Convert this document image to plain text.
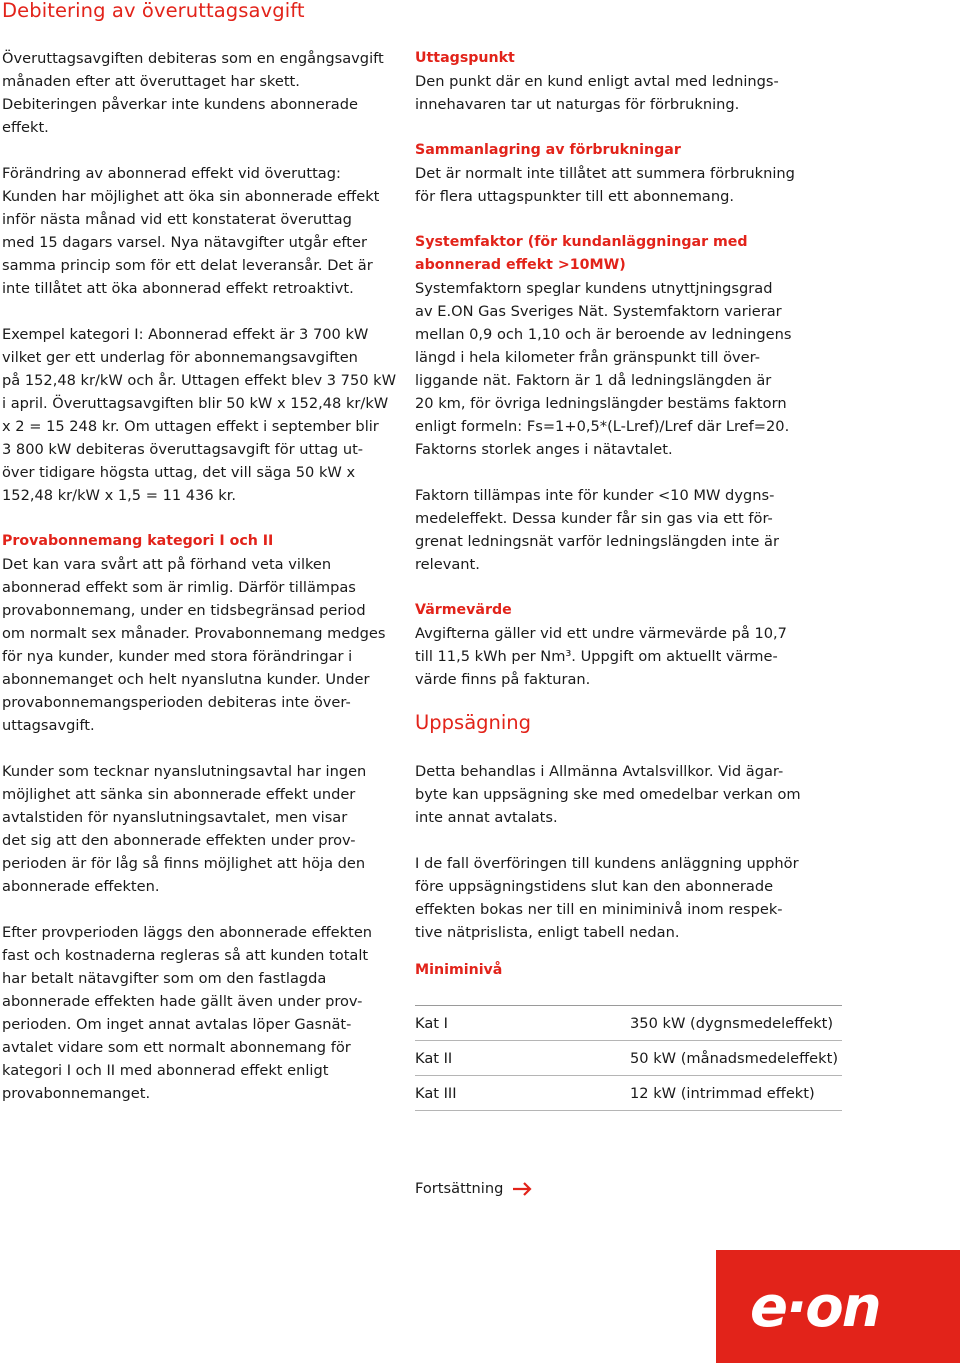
Debitering av överuttagsavgift
Överuttagsavgiften debiteras som en engångsavgift
månaden efter att överuttaget har skett.
Debiteringen påverkar inte kundens abonnerade
effekt.
Förändring av abonnerad effekt vid överuttag:
Kunden har möjlighet att öka sin abonnerade effekt
inför nästa månad vid ett konstaterat överuttag
med 15 dagars varsel. Nya nätavgifter utgår efter
samma princip som för ett delat leveransår. Det är
inte tillåtet att öka abonnerad effekt retroaktivt.
Exempel kategori I: Abonnerad effekt är 3 700 kW
vilket ger ett underlag för abonnemangsavgiften
på 152,48 kr/kW och år. Uttagen effekt blev 3 750 kW
i april. Överuttagsavgiften blir 50 kW x 152,48 kr/kW
x 2 = 15 248 kr. Om uttagen effekt i september blir
3 800 kW debiteras överuttagsavgift för uttag ut-
över tidigare högsta uttag, det vill säga 50 kW x
152,48 kr/kW x 1,5 = 11 436 kr.
Provabonnemang kategori I och II
Det kan vara svårt att på förhand veta vilken
abonnerad effekt som är rimlig. Därför tillämpas
provabonnemang, under en tidsbegränsad period
om normalt sex månader. Provabonnemang medges
för nya kunder, kunder med stora förändringar i
abonnemanget och helt nyanslutna kunder. Under
provabonnemangsperioden debiteras inte över-
uttagsavgift.
Kunder som tecknar nyanslutningsavtal har ingen
möjlighet att sänka sin abonnerade effekt under
avtalstiden för nyanslutningsavtalet, men visar
det sig att den abonnerade effekten under prov-
perioden är för låg så finns möjlighet att höja den
abonnerade effekten.
Efter provperioden läggs den abonnerade effekten
fast och kostnaderna regleras så att kunden totalt
har betalt nätavgifter som om den fastlagda
abonnerade effekten hade gällt även under prov-
perioden. Om inget annat avtalas löper Gasnät-
avtalet vidare som ett normalt abonnemang för
kategori I och II med abonnerad effekt enligt
provabonnemanget.
Uttagspunkt
Den punkt där en kund enligt avtal med lednings-
innehavaren tar ut naturgas för förbrukning.
Sammanlagring av förbrukningar
Det är normalt inte tillåtet att summera förbrukning
för flera uttagspunkter till ett abonnemang.
Systemfaktor (för kundanläggningar med
abonnerad effekt >10MW)
Systemfaktorn speglar kundens utnyttjningsgrad
av E.ON Gas Sveriges Nät. Systemfaktorn varierar
mellan 0,9 och 1,10 och är beroende av ledningens
längd i hela kilometer från gränspunkt till över-
liggande nät. Faktorn är 1 då ledningslängden är
20 km, för övriga ledningslängder bestäms faktorn
enligt formeln: Fs=1+0,5*(L-Lref)/Lref där Lref=20.
Faktorns storlek anges i nätavtalet.
Faktorn tillämpas inte för kunder <10 MW dygns-
medeleffekt. Dessa kunder får sin gas via ett för-
grenat ledningsnät varför ledningslängden inte är
relevant.
Värmevärde
Avgifterna gäller vid ett undre värmevärde på 10,7
till 11,5 kWh per Nm³. Uppgift om aktuellt värme-
värde finns på fakturan.
Uppsägning
Detta behandlas i Allmänna Avtalsvillkor. Vid ägar-
byte kan uppsägning ske med omedelbar verkan om
inte annat avtalats.
I de fall överföringen till kundens anläggning upphör
före uppsägningstidens slut kan den abonnerade
effekten bokas ner till en miniminivå inom respek-
tive nätprislista, enligt tabell nedan.
Miniminivå
Kat I	350 kW (dygnsmedeleffekt)
Kat II	50 kW (månadsmedeleffekt)
Kat III	12 kW (intrimmad effekt)
Fortsättning
e·on
